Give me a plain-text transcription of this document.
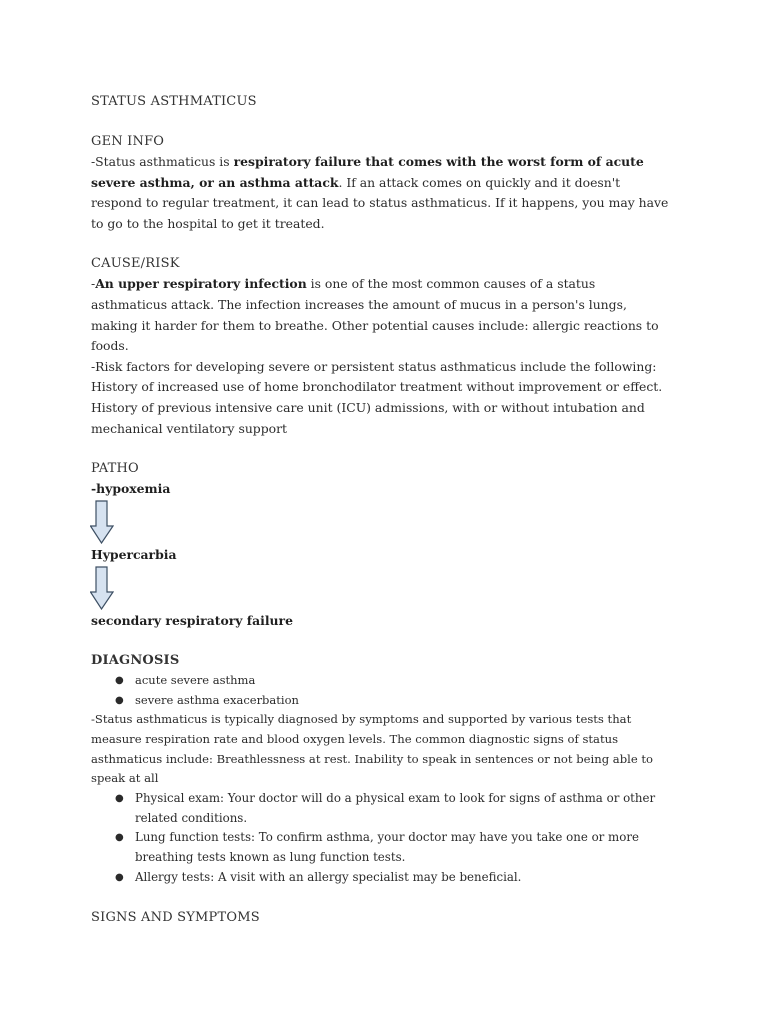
STATUS ASTHMATICUS
GEN INFO
-Status asthmaticus is respiratory failure that comes with the worst form of acute severe asthma, or an asthma attack. If an attack comes on quickly and it doesn't respond to regular treatment, it can lead to status asthmaticus. If it happens, you may have to go to the hospital to get it treated.
CAUSE/RISK
-An upper respiratory infection is one of the most common causes of a status asthmaticus attack. The infection increases the amount of mucus in a person's lungs, making it harder for them to breathe. Other potential causes include: allergic reactions to foods.
-Risk factors for developing severe or persistent status asthmaticus include the following:
History of increased use of home bronchodilator treatment without improvement or effect.
History of previous intensive care unit (ICU) admissions, with or without intubation and mechanical ventilatory support
PATHO
-hypoxemia
Hypercarbia
secondary respiratory failure
DIAGNOSIS
● acute severe asthma
● severe asthma exacerbation
-Status asthmaticus is typically diagnosed by symptoms and supported by various tests that measure respiration rate and blood oxygen levels. The common diagnostic signs of status asthmaticus include: Breathlessness at rest. Inability to speak in sentences or not being able to speak at all
● Physical exam: Your doctor will do a physical exam to look for signs of asthma or other related conditions.
● Lung function tests: To confirm asthma, your doctor may have you take one or more breathing tests known as lung function tests.
● Allergy tests: A visit with an allergy specialist may be beneficial.
SIGNS AND SYMPTOMS
